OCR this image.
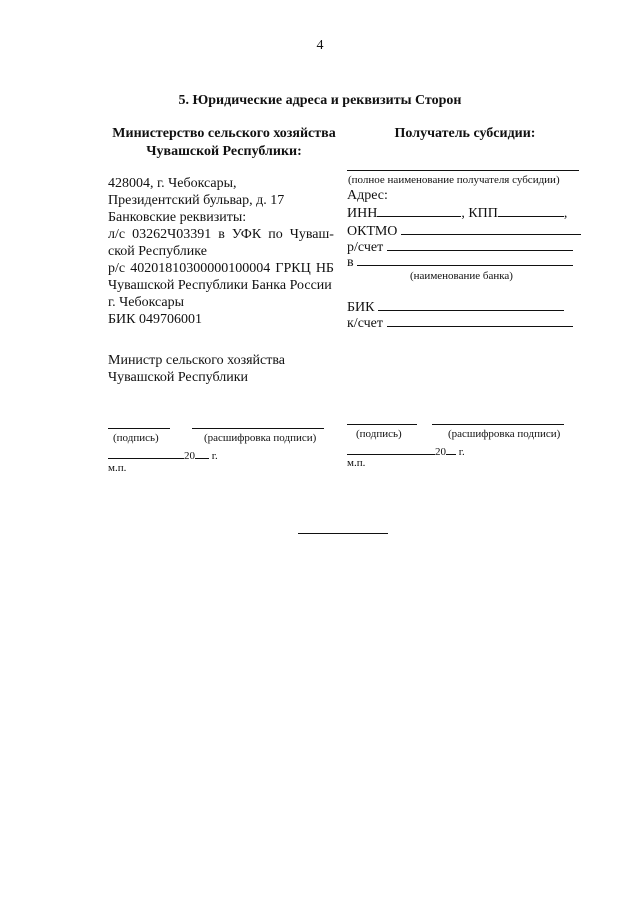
4
5. Юридические адреса и реквизиты Сторон
Министерство сельского хозяйства
Чувашской Республики:
428004, г. Чебоксары,
Президентский бульвар, д. 17
Банковские реквизиты:
л/с 03262Ч03391 в УФК по Чуваш-
ской Республике
р/с 40201810300000100004 ГРКЦ НБ
Чувашской Республики Банка России
г. Чебоксары
БИК 049706001
Министр сельского хозяйства
Чувашской Республики
(подпись)	(расшифровка подписи)
20 г.
м.п.
Получатель субсидии:
(полное наименование получателя субсидии)
Адрес:
ИНН	, КПП	,
ОКТМО
р/счет
в
(наименование банка)
БИК
к/счет
(подпись)	(расшифровка подписи)
20 г.
м.п.
